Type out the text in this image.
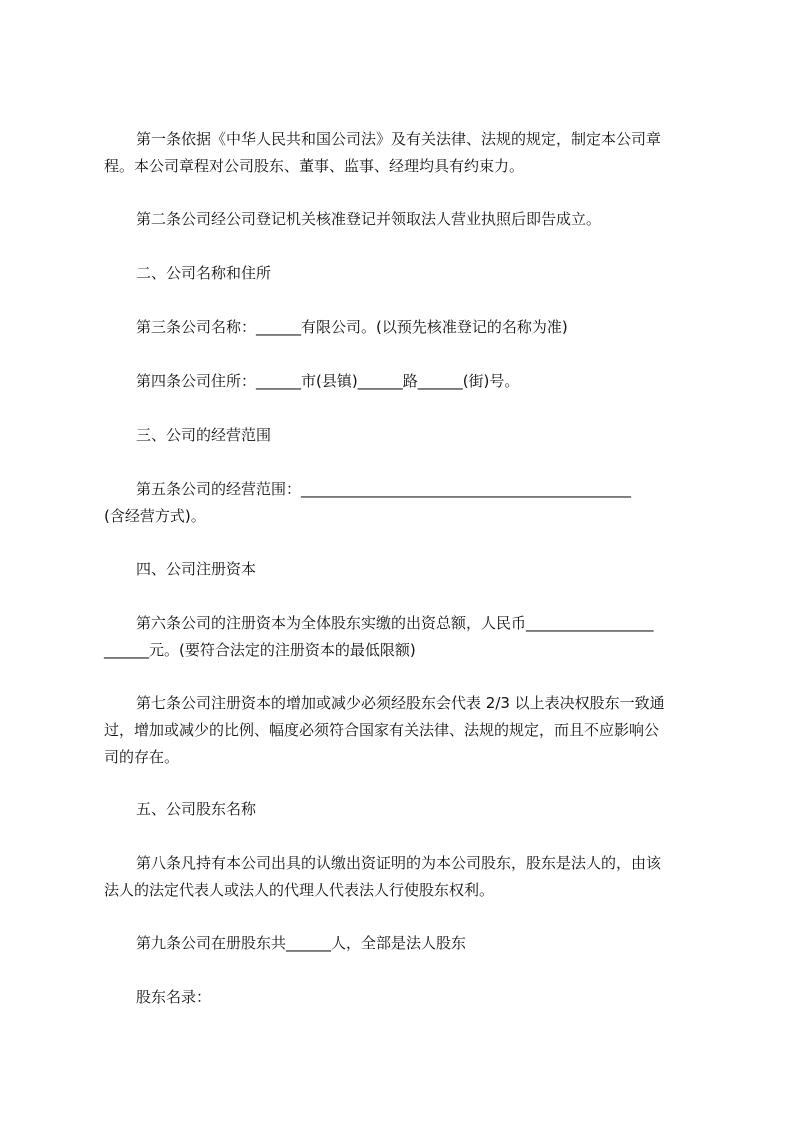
第一条依据《中华人民共和国公司法》及有关法律、法规的规定，制定本公司章
程。本公司章程对公司股东、董事、监事、经理均具有约束力。

第二条公司经公司登记机关核准登记并领取法人营业执照后即告成立。

二、公司名称和住所

第三条公司名称：______有限公司。(以预先核准登记的名称为准)

第四条公司住所：______市(县镇)______路______(街)号。

三、公司的经营范围

第五条公司的经营范围：____________________________________________
(含经营方式)。

四、公司注册资本

第六条公司的注册资本为全体股东实缴的出资总额，人民币_________________
______元。(要符合法定的注册资本的最低限额)

第七条公司注册资本的增加或减少必须经股东会代表 2/3 以上表决权股东一致通
过，增加或减少的比例、幅度必须符合国家有关法律、法规的规定，而且不应影响公
司的存在。

五、公司股东名称

第八条凡持有本公司出具的认缴出资证明的为本公司股东，股东是法人的，由该
法人的法定代表人或法人的代理人代表法人行使股东权利。

第九条公司在册股东共______人，全部是法人股东

股东名录：
